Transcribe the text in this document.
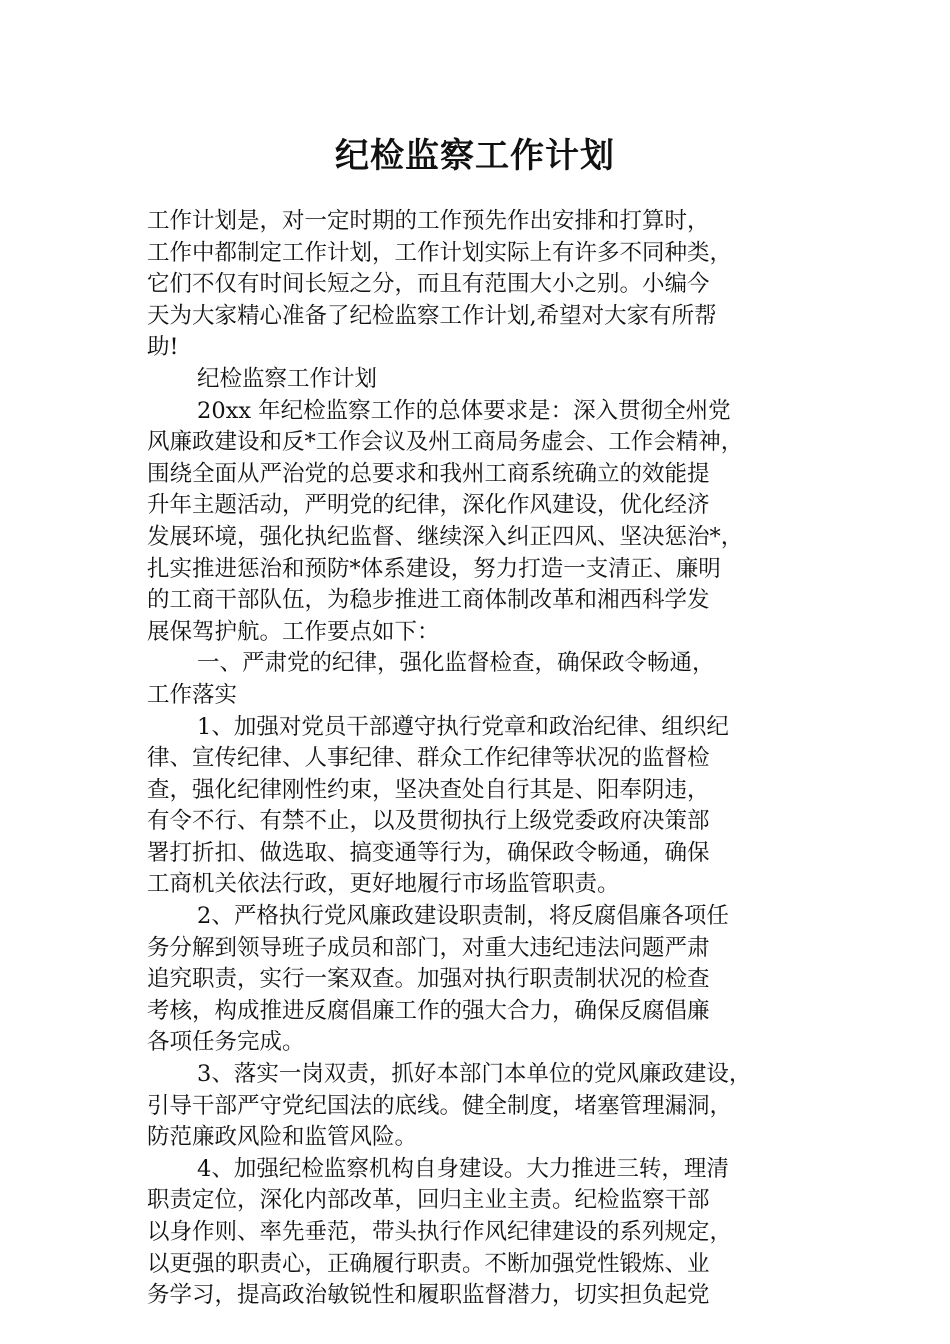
纪检监察工作计划
工作计划是，对一定时期的工作预先作出安排和打算时，
工作中都制定工作计划，工作计划实际上有许多不同种类，
它们不仅有时间长短之分，而且有范围大小之别。小编今
天为大家精心准备了纪检监察工作计划,希望对大家有所帮
助!
纪检监察工作计划
20xx 年纪检监察工作的总体要求是：深入贯彻全州党
风廉政建设和反*工作会议及州工商局务虚会、工作会精神，
围绕全面从严治党的总要求和我州工商系统确立的效能提
升年主题活动，严明党的纪律，深化作风建设，优化经济
发展环境，强化执纪监督、继续深入纠正四风、坚决惩治*，
扎实推进惩治和预防*体系建设，努力打造一支清正、廉明
的工商干部队伍，为稳步推进工商体制改革和湘西科学发
展保驾护航。工作要点如下：
一、严肃党的纪律，强化监督检查，确保政令畅通，
工作落实
1、加强对党员干部遵守执行党章和政治纪律、组织纪
律、宣传纪律、人事纪律、群众工作纪律等状况的监督检
查，强化纪律刚性约束，坚决查处自行其是、阳奉阴违，
有令不行、有禁不止，以及贯彻执行上级党委政府决策部
署打折扣、做选取、搞变通等行为，确保政令畅通，确保
工商机关依法行政，更好地履行市场监管职责。
2、严格执行党风廉政建设职责制，将反腐倡廉各项任
务分解到领导班子成员和部门，对重大违纪违法问题严肃
追究职责，实行一案双查。加强对执行职责制状况的检查
考核，构成推进反腐倡廉工作的强大合力，确保反腐倡廉
各项任务完成。
3、落实一岗双责，抓好本部门本单位的党风廉政建设，
引导干部严守党纪国法的底线。健全制度，堵塞管理漏洞，
防范廉政风险和监管风险。
4、加强纪检监察机构自身建设。大力推进三转，理清
职责定位，深化内部改革，回归主业主责。纪检监察干部
以身作则、率先垂范，带头执行作风纪律建设的系列规定，
以更强的职责心，正确履行职责。不断加强党性锻炼、业
务学习，提高政治敏锐性和履职监督潜力，切实担负起党
